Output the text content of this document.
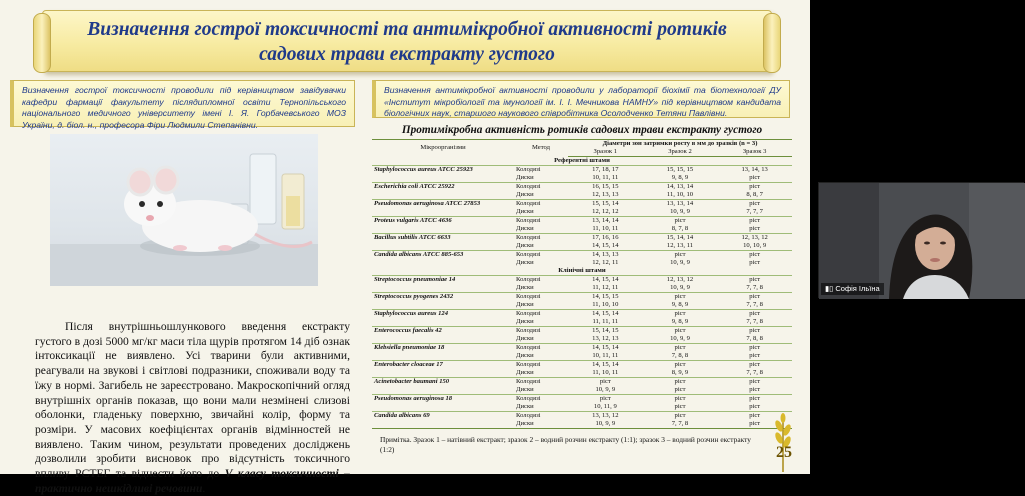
Визначення гострої токсичності та антимікробної активності ротиків садових трави екстракту густого
Визначення гострої токсичності проводили під керівництвом завідувачки кафедри фармації факультету післядипломної освіти Тернопільського національного медичного університету імені І. Я. Горбачевського МОЗ України, д. біол. н., професора Фіри Людмили Степанівни.
Визначення антимікробної активності проводили у лабораторії біохімії та біотехнології ДУ «Інститут мікробіології та імунології ім. І. І. Мечникова НАМНУ» під керівництвом кандидата біологічних наук, старшого наукового співробітника Осолодченко Тетяни Павлівни.

Після внутрішньошлункового введення екстракту густого в дозі 5000 мг/кг маси тіла щурів протягом 14 діб ознак інтоксикації не виявлено. Усі тварини були активними, реагували на звукові і світлові подразники, споживали воду та їжу в нормі. Загибель не зареєстровано. Макроскопічний огляд внутрішніх органів показав, що вони мали незмінені слизові оболонки, гладеньку поверхню, звичайні колір, форму та розміри. У масових коефіцієнтах органів відмінностей не виявлено. Таким чином, результати проведених досліджень дозволили зробити висновок про відсутність токсичного впливу РСТЕГ та віднести його до V класу токсичності – практично нешкідливі речовини.

Протимікробна активність ротиків садових трави екстракту густого
Мікроорганізми	Метод	Діаметри зон затримки росту в мм до зразків (n = 3)		
		Зразок 1	Зразок 2	Зразок 3
Референтні штами				
Staphylococcus aureus ATCC 25923	Колодязі	17, 18, 17	15, 15, 15	13, 14, 13
	Диски	10, 11, 11	9, 8, 9	ріст
Escherichia coli ATCC 25922	Колодязі	16, 15, 15	14, 13, 14	ріст
	Диски	12, 13, 13	11, 10, 10	8, 8, 7
Pseudomonas aeruginosa ATCC 27853	Колодязі	15, 15, 14	13, 13, 14	ріст
	Диски	12, 12, 12	10, 9, 9	7, 7, 7
Proteus vulgaris ATCC 4636	Колодязі	13, 14, 14	ріст	ріст
	Диски	11, 10, 11	8, 7, 8	ріст
Bacillus subtilis ATCC 6633	Колодязі	17, 16, 16	15, 14, 14	12, 13, 12
	Диски	14, 15, 14	12, 13, 11	10, 10, 9
Candida albicans ATCC 885-653	Колодязі	14, 13, 13	ріст	ріст
	Диски	12, 12, 11	10, 9, 9	ріст
Клінічні штами				
Streptococcus pneumoniae 14	Колодязі	14, 15, 14	12, 13, 12	ріст
	Диски	11, 12, 11	10, 9, 9	7, 7, 8
Streptococcus pyogenes 2432	Колодязі	14, 15, 15	ріст	ріст
	Диски	11, 10, 10	9, 8, 9	7, 7, 8
Staphylococcus aureus 124	Колодязі	14, 15, 14	ріст	ріст
	Диски	11, 11, 11	9, 8, 9	7, 7, 8
Enterococcus faecalis 42	Колодязі	15, 14, 15	ріст	ріст
	Диски	13, 12, 13	10, 9, 9	7, 8, 8
Klebsiella pneumoniae 18	Колодязі	14, 15, 14	ріст	ріст
	Диски	10, 11, 11	7, 8, 8	ріст
Enterobacter cloaceae 17	Колодязі	14, 15, 14	ріст	ріст
	Диски	11, 10, 11	8, 9, 9	7, 7, 8
Acinetobacter baumani 150	Колодязі	ріст	ріст	ріст
	Диски	10, 9, 9	ріст	ріст
Pseudomonas aeruginosa 18	Колодязі	ріст	ріст	ріст
	Диски	10, 11, 9	ріст	ріст
Candida albicans 69	Колодязі	13, 13, 12	ріст	ріст
	Диски	10, 9, 9	7, 7, 8	ріст
Примітка. Зразок 1 – натівний екстракт; зразок 2 – водний розчин екстракту (1:1); зразок 3 – водний розчин екстракту (1:2)	25
▮▯ Софія Ільїна
